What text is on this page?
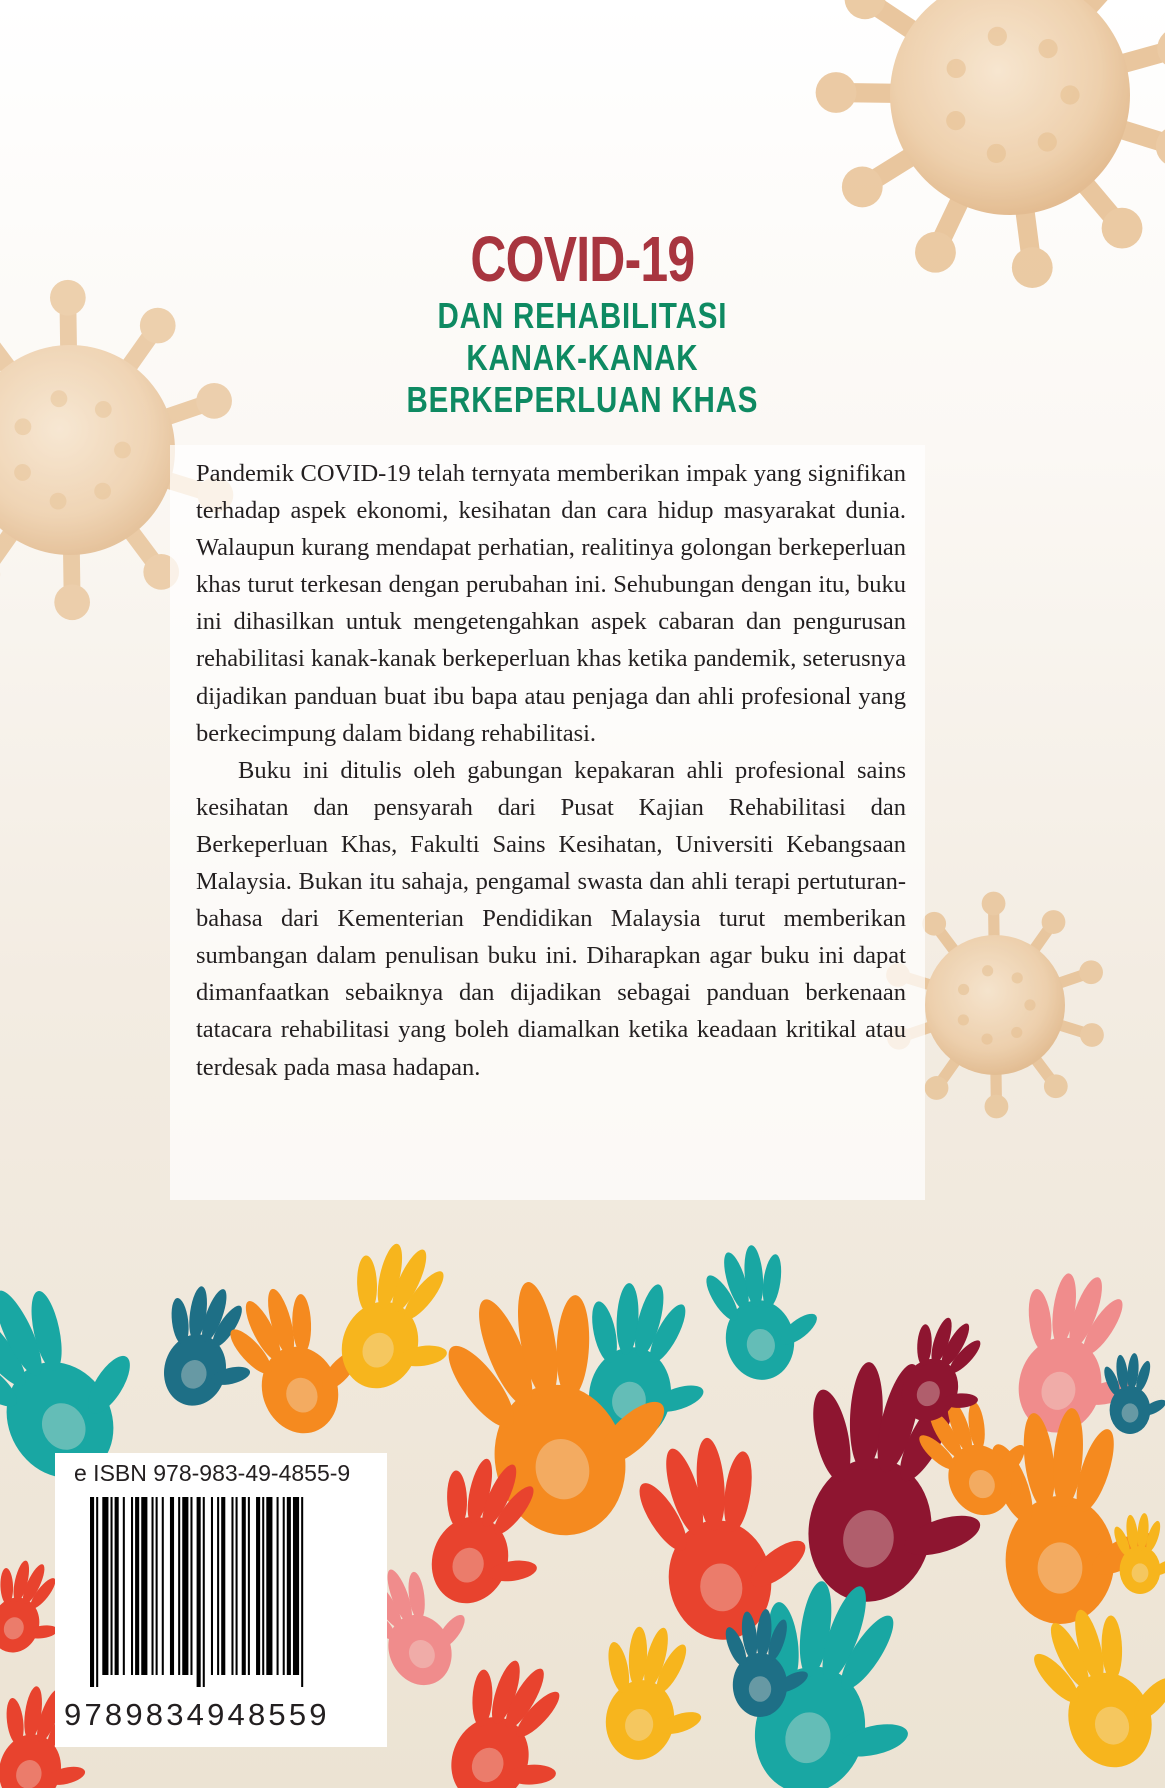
COVID-19
DAN REHABILITASI
KANAK-KANAK
BERKEPERLUAN KHAS

Pandemik COVID-19 telah ternyata memberikan impak yang signifikan terhadap aspek ekonomi, kesihatan dan cara hidup masyarakat dunia. Walaupun kurang mendapat perhatian, realitinya golongan berkeperluan khas turut terkesan dengan perubahan ini. Sehubungan dengan itu, buku ini dihasilkan untuk mengetengahkan aspek cabaran dan pengurusan rehabilitasi kanak-kanak berkeperluan khas ketika pandemik, seterusnya dijadikan panduan buat ibu bapa atau penjaga dan ahli profesional yang berkecimpung dalam bidang rehabilitasi.

Buku ini ditulis oleh gabungan kepakaran ahli profesional sains kesihatan dan pensyarah dari Pusat Kajian Rehabilitasi dan Berkeperluan Khas, Fakulti Sains Kesihatan, Universiti Kebangsaan Malaysia. Bukan itu sahaja, pengamal swasta dan ahli terapi pertuturan-bahasa dari Kementerian Pendidikan Malaysia turut memberikan sumbangan dalam penulisan buku ini. Diharapkan agar buku ini dapat dimanfaatkan sebaiknya dan dijadikan sebagai panduan berkenaan tatacara rehabilitasi yang boleh diamalkan ketika keadaan kritikal atau terdesak pada masa hadapan.

e ISBN 978-983-49-4855-9
9789834948559
